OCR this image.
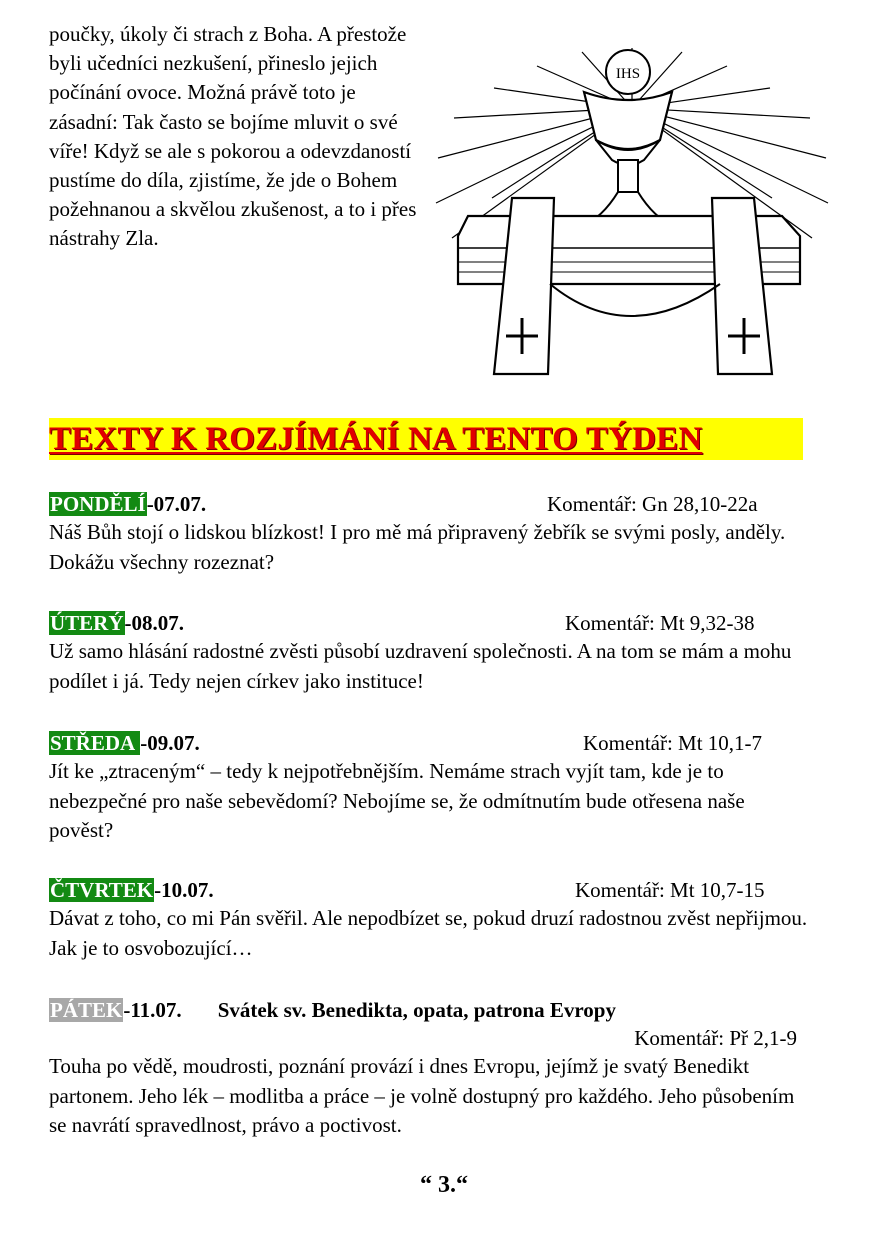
poučky, úkoly či strach z Boha. A přestože byli učedníci nezkušení, přineslo jejich počínání ovoce. Možná právě toto je zásadní: Tak často se bojíme mluvit o své víře! Když se ale s pokorou a odevzdaností pustíme do díla, zjistíme, že jde o Bohem požehnanou a skvělou zkušenost, a to i přes nástrahy Zla.

IHS
TEXTY K ROZJÍMÁNÍ NA TENTO TÝDEN
PONDĚLÍ-07.07.	Komentář: Gn 28,10-22a

Náš Bůh stojí o lidskou blízkost! I pro mě má připravený žebřík se svými posly, anděly. Dokážu všechny rozeznat?

ÚTERÝ-08.07.	Komentář: Mt 9,32-38

Už samo hlásání radostné zvěsti působí uzdravení společnosti. A na tom se mám a mohu podílet i já. Tedy nejen církev jako instituce!

STŘEDA -09.07.	Komentář: Mt 10,1-7

Jít ke „ztraceným“ – tedy k nejpotřebnějším. Nemáme strach vyjít tam, kde je to nebezpečné pro naše sebevědomí? Nebojíme se, že odmítnutím bude otřesena naše pověst?

ČTVRTEK-10.07.	Komentář: Mt 10,7-15

Dávat z toho, co mi Pán svěřil. Ale nepodbízet se, pokud druzí radostnou zvěst nepřijmou. Jak je to osvobozující…

PÁTEK-11.07. Svátek sv. Benedikta, opata, patrona Evropy
Komentář: Př 2,1-9

Touha po vědě, moudrosti, poznání provází i dnes Evropu, jejímž je svatý Benedikt partonem. Jeho lék – modlitba a práce – je volně dostupný pro každého. Jeho působením se navrátí spravedlnost, právo a poctivost.

“ 3.“
